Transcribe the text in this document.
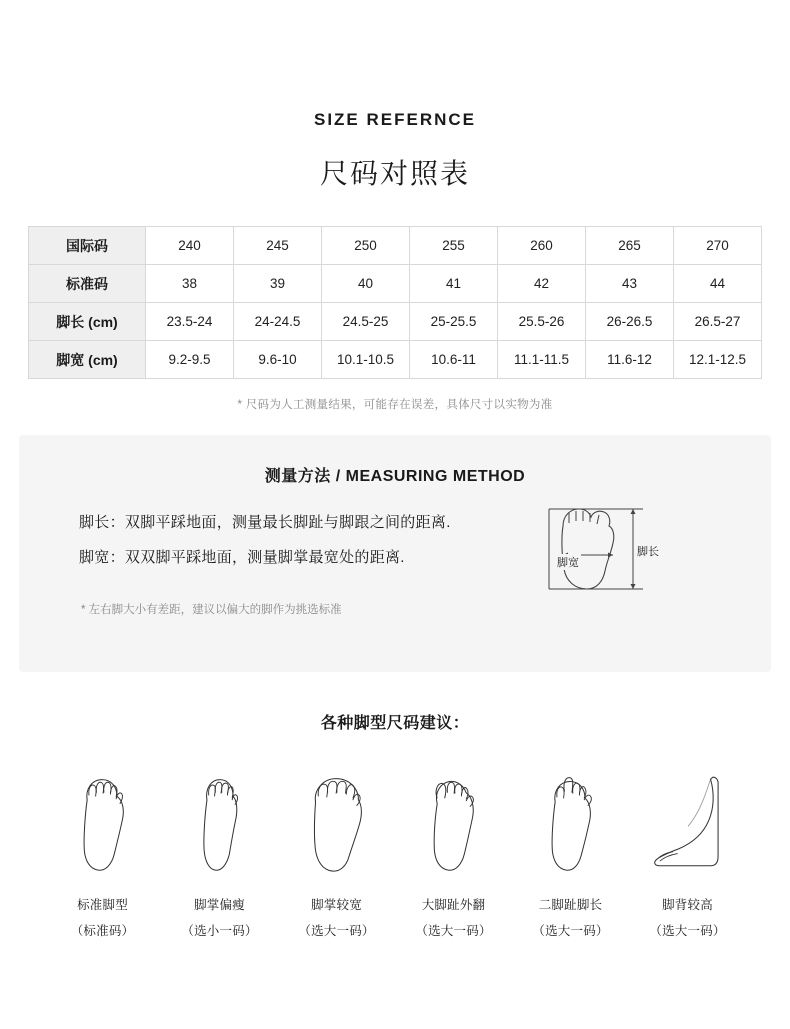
SIZE REFERNCE
尺码对照表
国际码	240	245	250	255	260	265	270
标准码	38	39	40	41	42	43	44
脚长 (cm)	23.5-24	24-24.5	24.5-25	25-25.5	25.5-26	26-26.5	26.5-27
脚宽 (cm)	9.2-9.5	9.6-10	10.1-10.5	10.6-11	11.1-11.5	11.6-12	12.1-12.5
* 尺码为人工测量结果，可能存在误差，具体尺寸以实物为准
测量方法 / MEASURING METHOD
脚长：双脚平踩地面，测量最长脚趾与脚跟之间的距离.
脚宽：双双脚平踩地面，测量脚掌最宽处的距离.
* 左右脚大小有差距，建议以偏大的脚作为挑选标准
脚宽
脚长
各种脚型尺码建议：
标准脚型
（标准码）
脚掌偏瘦
（选小一码）
脚掌较宽
（选大一码）
大脚趾外翻
（选大一码）
二脚趾脚长
（选大一码）
脚背较高
（选大一码）
